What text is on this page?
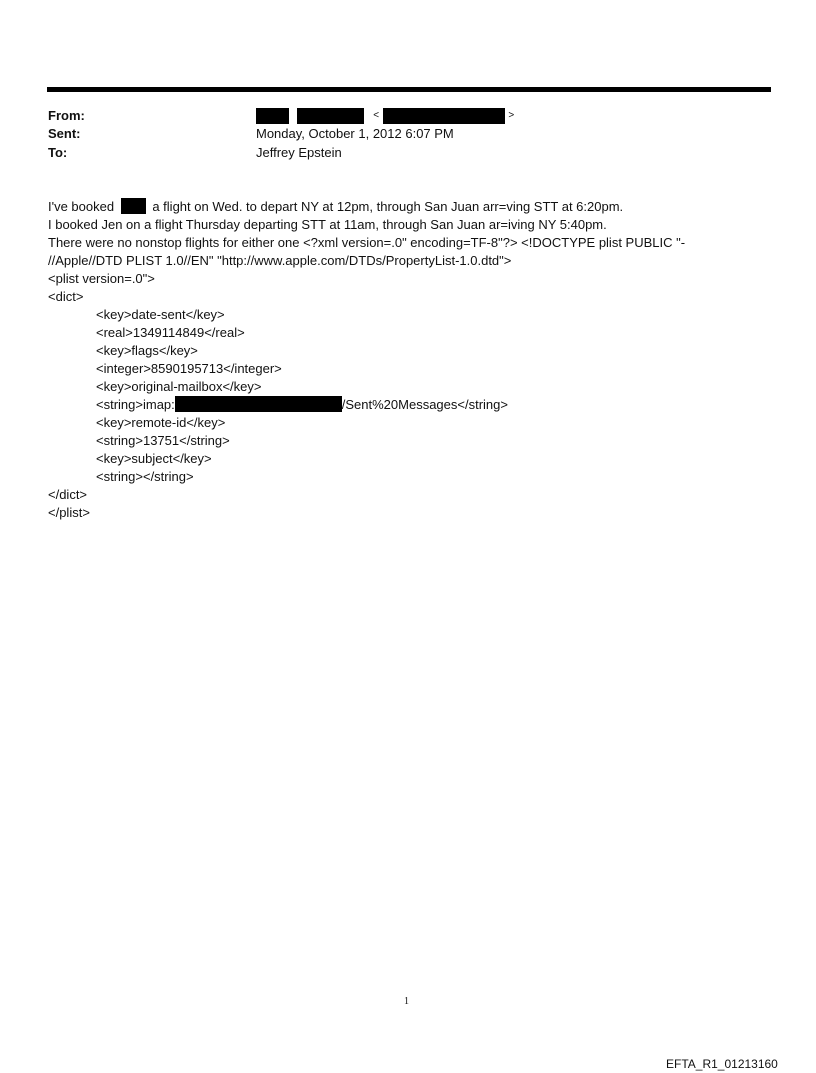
From:	<	>
Sent:	Monday, October 1, 2012 6:07 PM
To:	Jeffrey Epstein
I've booked	a flight on Wed. to depart NY at 12pm, through San Juan arr=ving STT at 6:20pm.
I booked Jen on a flight Thursday departing STT at 11am, through San Juan ar=iving NY 5:40pm.
There were no nonstop flights for either one <?xml version=.0" encoding=TF-8"?> <!DOCTYPE plist PUBLIC "-
//Apple//DTD PLIST 1.0//EN" "http://www.apple.com/DTDs/PropertyList-1.0.dtd">
<plist version=.0">
<dict>
<key>date-sent</key>
<real>1349114849</real>
<key>flags</key>
<integer>8590195713</integer>
<key>original-mailbox</key>
<string>imap:	/Sent%20Messages</string>
<key>remote-id</key>
<string>13751</string>
<key>subject</key>
<string></string>
</dict>
</plist>
1
EFTA_R1_01213160
